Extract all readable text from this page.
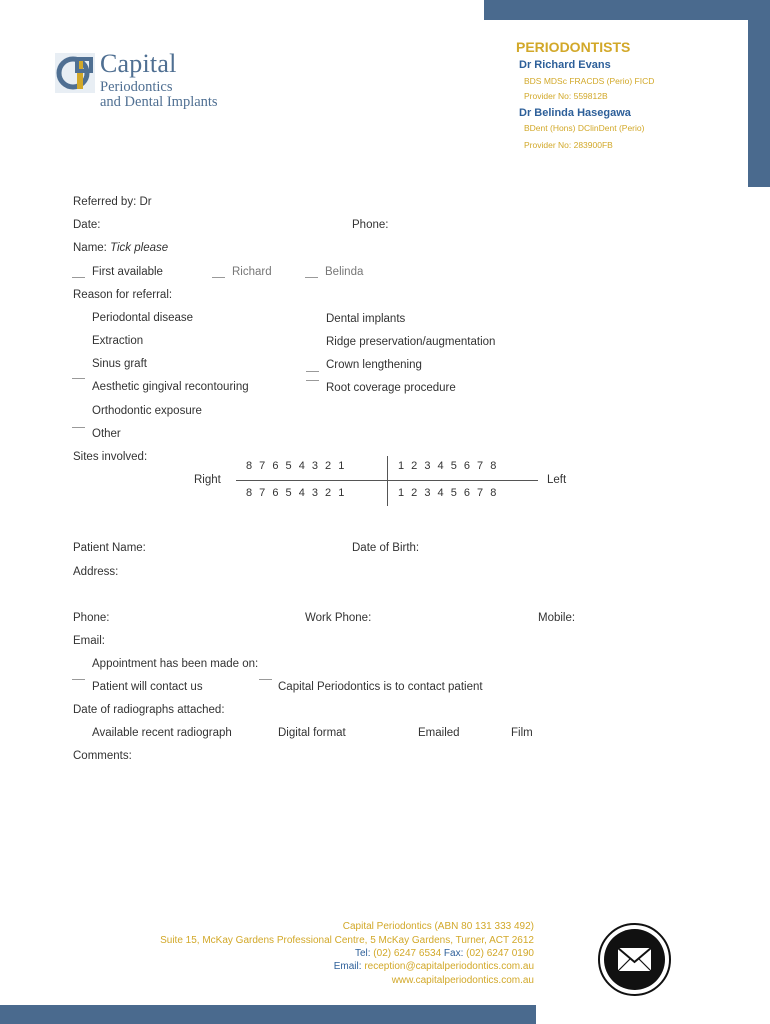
Capital
Periodontics
and Dental Implants
PERIODONTISTS
Dr Richard Evans
BDS MDSc FRACDS (Perio) FICD
Provider No: 559812B
Dr Belinda Hasegawa
BDent (Hons) DClinDent (Perio)
Provider No: 283900FB
Referred by: Dr
Date:	Phone:
Name: Tick please
First available	Richard	Belinda
Reason for referral:
Periodontal disease
Extraction
Sinus graft
Aesthetic gingival recontouring
Orthodontic exposure
Other
Dental implants
Ridge preservation/augmentation
Crown lengthening
Root coverage procedure
Sites involved:
Right	Left
8 7 6 5 4 3 2 1	1 2 3 4 5 6 7 8
8 7 6 5 4 3 2 1	1 2 3 4 5 6 7 8
Patient Name:	Date of Birth:
Address:
Phone:	Work Phone:	Mobile:
Email:
Appointment has been made on:
Patient will contact us	Capital Periodontics is to contact patient
Date of radiographs attached:
Available recent radiograph	Digital format	Emailed	Film
Comments:
Capital Periodontics (ABN 80 131 333 492)
Suite 15, McKay Gardens Professional Centre, 5 McKay Gardens, Turner, ACT 2612
Tel: (02) 6247 6534 Fax: (02) 6247 0190
Email: reception@capitalperiodontics.com.au
www.capitalperiodontics.com.au
